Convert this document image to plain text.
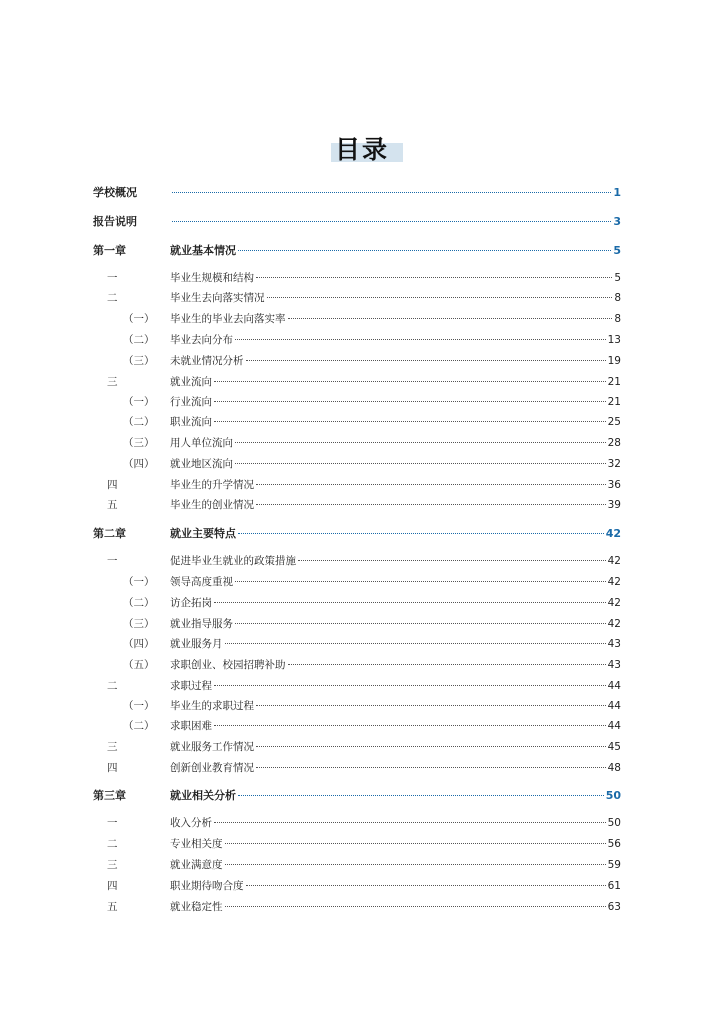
目录
学校概况	1
报告说明	3
第一章	就业基本情况	5
一	毕业生规模和结构	5
二	毕业生去向落实情况	8
（一） 毕业生的毕业去向落实率	8
（二） 毕业去向分布	13
（三） 未就业情况分析	19
三	就业流向	21
（一） 行业流向	21
（二） 职业流向	25
（三） 用人单位流向	28
（四） 就业地区流向	32
四	毕业生的升学情况	36
五	毕业生的创业情况	39
第二章	就业主要特点	42
一	促进毕业生就业的政策措施	42
（一） 领导高度重视	42
（二） 访企拓岗	42
（三） 就业指导服务	42
（四） 就业服务月	43
（五） 求职创业、校园招聘补助	43
二	求职过程	44
（一） 毕业生的求职过程	44
（二） 求职困难	44
三	就业服务工作情况	45
四	创新创业教育情况	48
第三章	就业相关分析	50
一	收入分析	50
二	专业相关度	56
三	就业满意度	59
四	职业期待吻合度	61
五	就业稳定性	63
